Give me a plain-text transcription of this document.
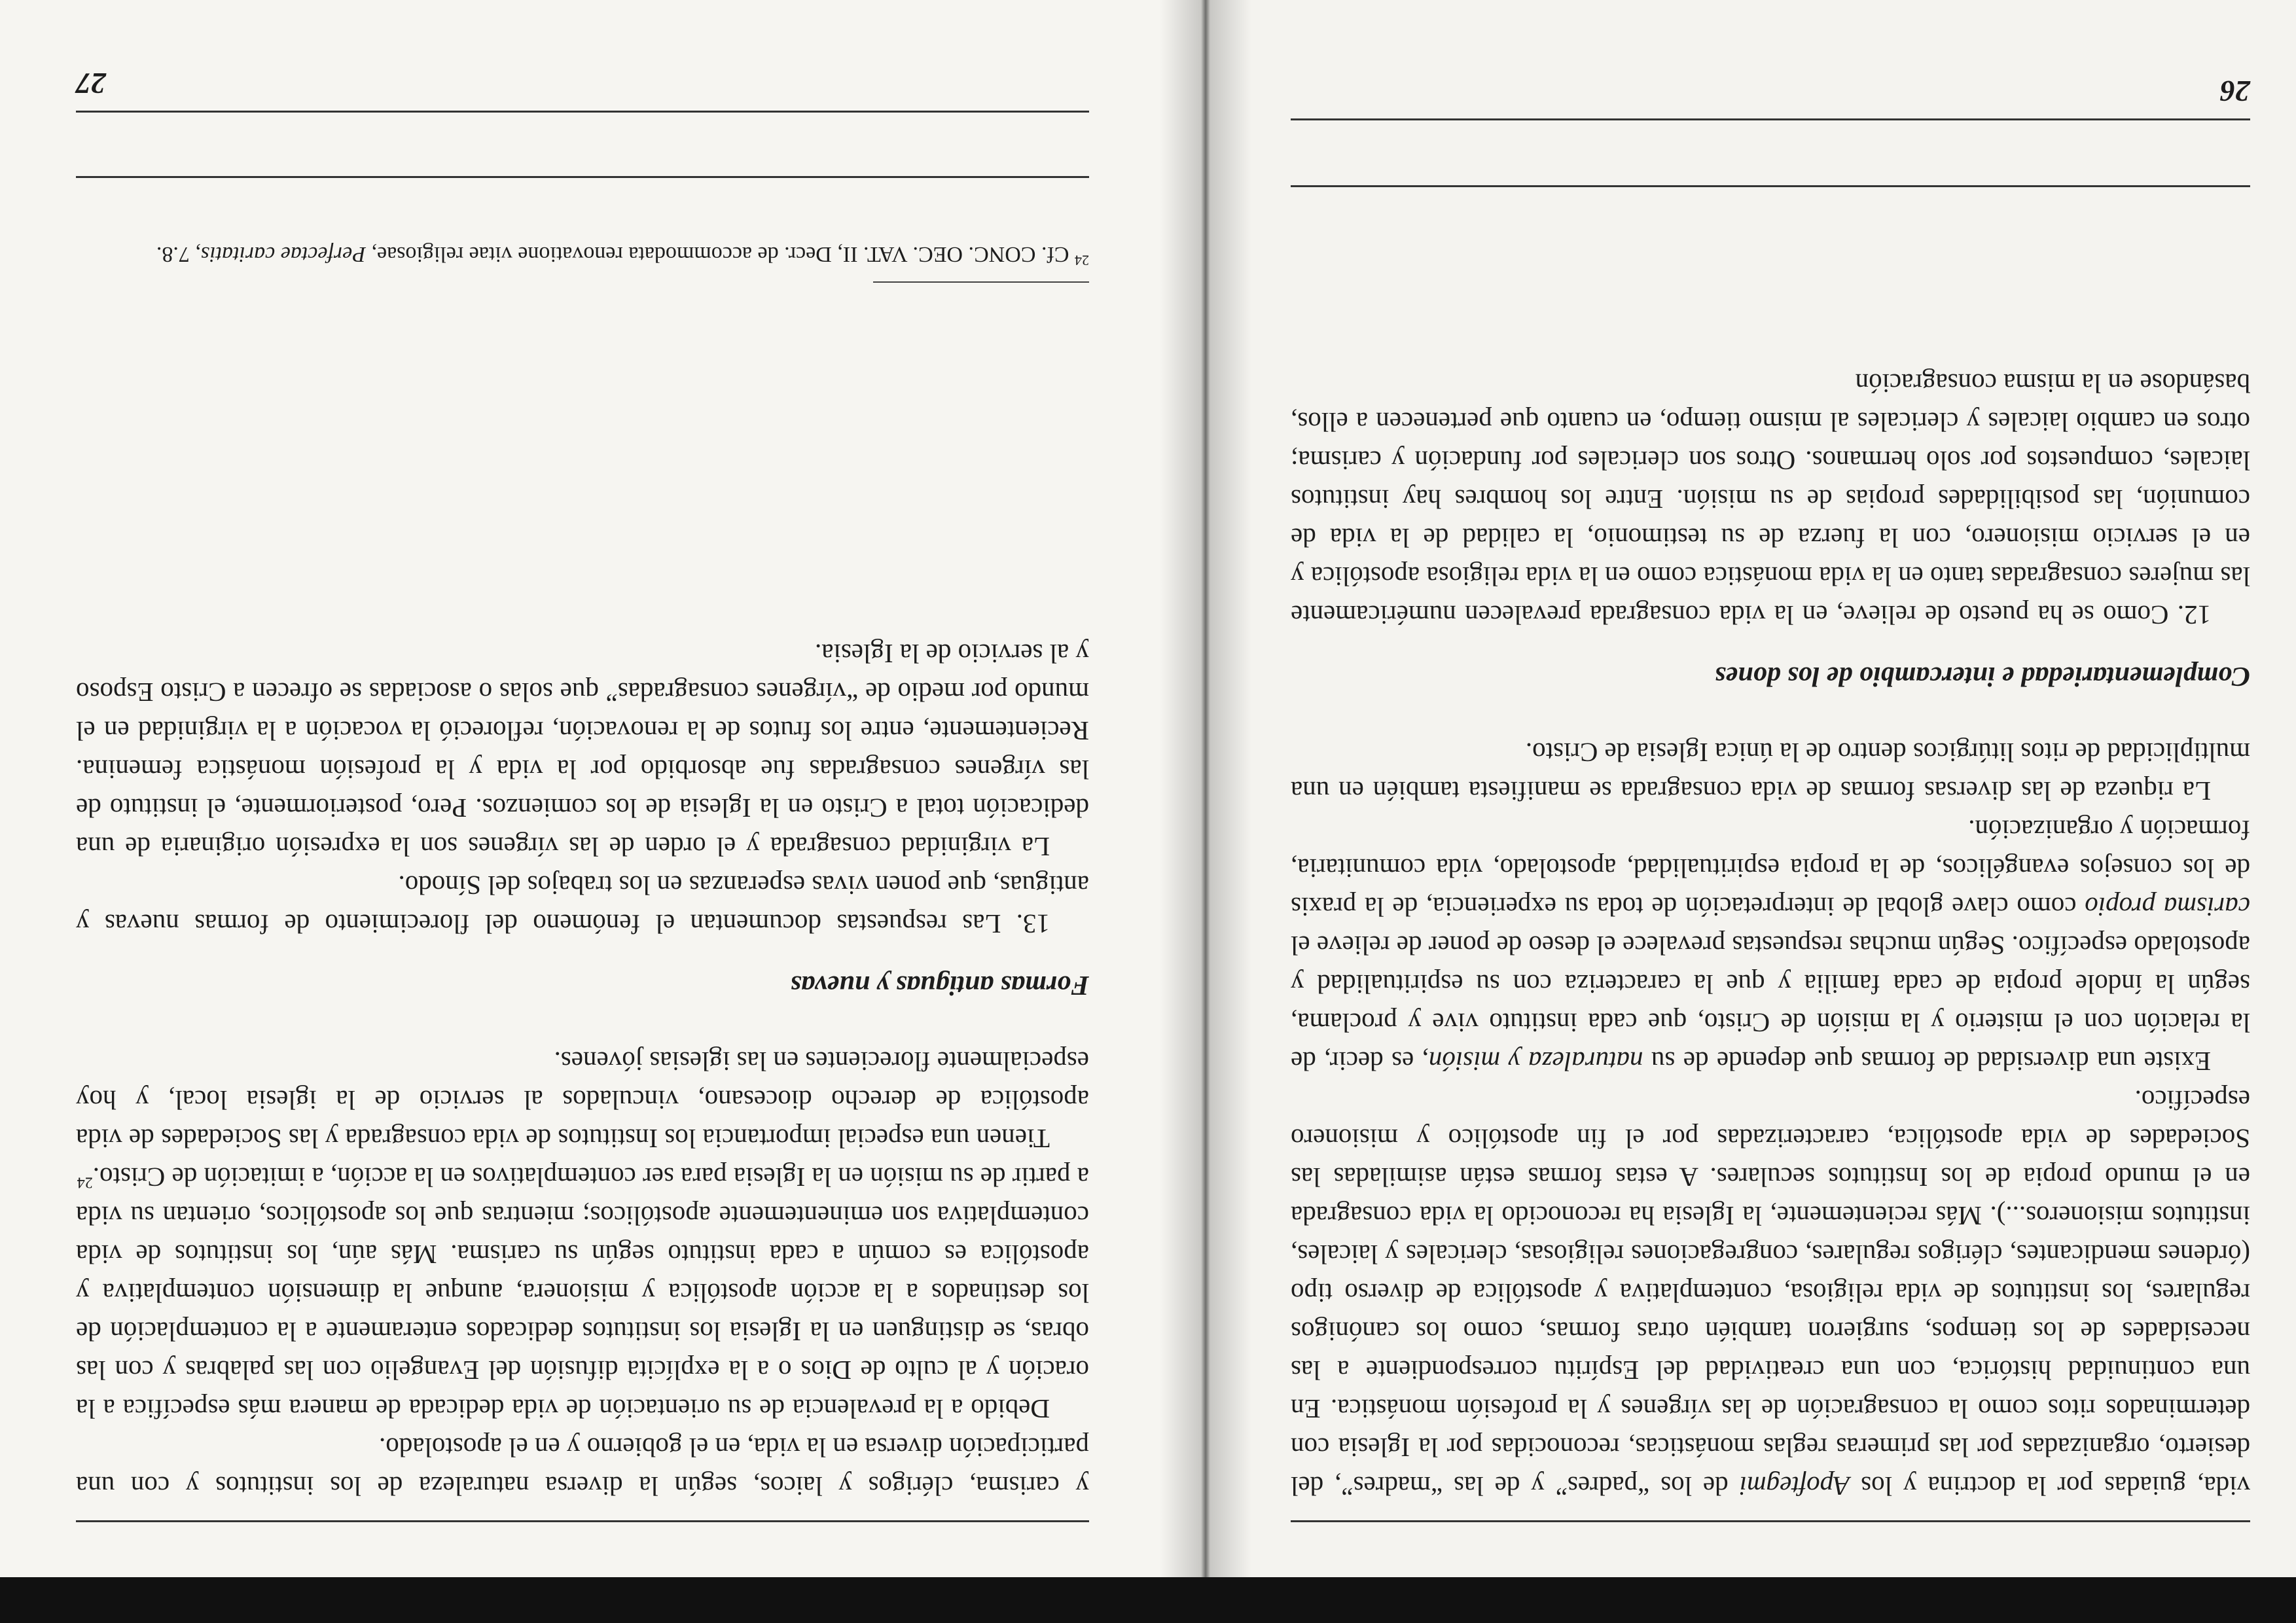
vida, guiadas por la doctrina y los Apoftegmi de los “padres” y de las “madres”, del desierto, organizadas por las primeras reglas monásticas, reconocidas por la Iglesia con determinados ritos como la consagración de las vírgenes y la profesión monástica. En una continuidad histórica, con una creatividad del Espíritu correspondiente a las necesidades de los tiempos, surgieron también otras formas, como los canónigos regulares, los institutos de vida religiosa, contemplativa y apostólica de diverso tipo (órdenes mendicantes, clérigos regulares, congregaciones religiosas, clericales y laicales, institutos misioneros...). Más recientemente, la Iglesia ha reconocido la vida consagrada en el mundo propia de los Institutos seculares. A estas formas están asimiladas las Sociedades de vida apostólica, caracterizadas por el fin apostólico y misionero específico.

Existe una diversidad de formas que depende de su naturaleza y misión, es decir, de la relación con el misterio y la misión de Cristo, que cada instituto vive y proclama, según la índole propia de cada familia y que la caracteriza con su espiritualidad y apostolado específico. Según muchas respuestas prevalece el deseo de poner de relieve el carisma propio como clave global de interpretación de toda su experiencia, de la praxis de los consejos evangélicos, de la propia espiritualidad, apostolado, vida comunitaria, formación y organización.

La riqueza de las diversas formas de vida consagrada se manifiesta también en una multiplicidad de ritos litúrgicos dentro de la única Iglesia de Cristo.

Complementariedad e intercambio de los dones

12. Como se ha puesto de relieve, en la vida consagrada prevalecen numéricamente las mujeres consagradas tanto en la vida monástica como en la vida religiosa apostólica y en el servicio misionero, con la fuerza de su testimonio, la calidad de la vida de comunión, las posibilidades propias de su misión. Entre los hombres hay institutos laicales, compuestos por solo hermanos. Otros son clericales por fundación y carisma; otros en cambio laicales y clericales al mismo tiempo, en cuanto que pertenecen a ellos, basándose en la misma consagración

26

y carisma, clérigos y laicos, según la diversa naturaleza de los institutos y con una participación diversa en la vida, en el gobierno y en el apostolado.

Debido a la prevalencia de su orientación de vida dedicada de manera más específica a la oración y al culto de Dios o a la explícita difusión del Evangelio con las palabras y con las obras, se distinguen en la Iglesia los institutos dedicados enteramente a la contemplación de los destinados a la acción apostólica y misionera, aunque la dimensión contemplativa y apostólica es común a cada instituto según su carisma. Más aún, los institutos de vida contemplativa son eminentemente apostólicos; mientras que los apostólicos, orientan su vida a partir de su misión en la Iglesia para ser contemplativos en la acción, a imitación de Cristo.$^{24}$

Tienen una especial importancia los Institutos de vida consagrada y las Sociedades de vida apostólica de derecho diocesano, vinculados al servicio de la iglesia local, y hoy especialmente florecientes en las iglesias jóvenes.

Formas antiguas y nuevas

13. Las respuestas documentan el fenómeno del florecimiento de formas nuevas y antiguas, que ponen vivas esperanzas en los trabajos del Sínodo.

La virginidad consagrada y el orden de las vírgenes son la expresión originaria de una dedicación total a Cristo en la Iglesia de los comienzos. Pero, posteriormente, el instituto de las vírgenes consagradas fue absorbido por la vida y la profesión monástica femenina. Recientemente, entre los frutos de la renovación, refloreció la vocación a la virginidad en el mundo por medio de “vírgenes consagradas” que solas o asociadas se ofrecen a Cristo Esposo y al servicio de la Iglesia.

$^{24}$ Cf. CONC. OEC. VAT. II, Decr. de accommodata renovatione vitae religiosae, Perfectae caritatis, 7.8.
27
